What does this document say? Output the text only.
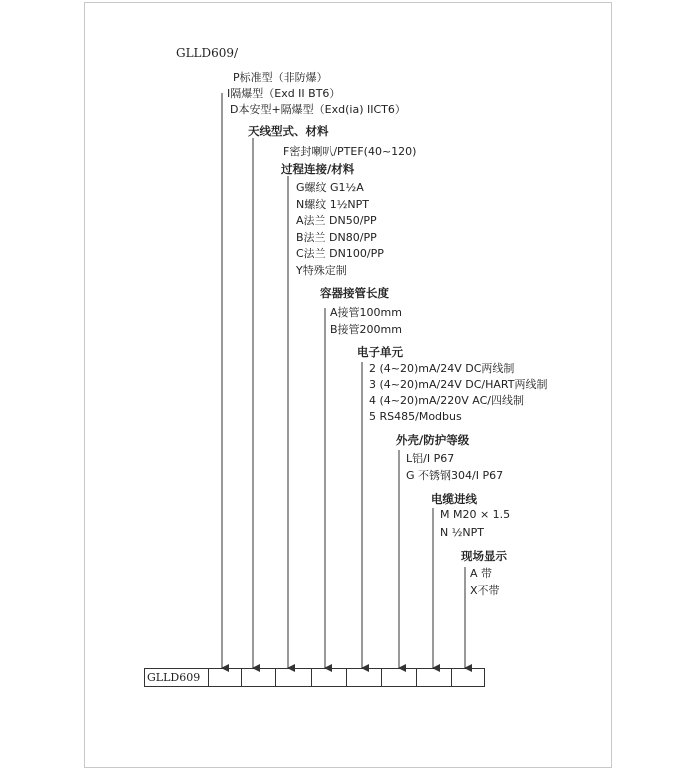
GLLD609/
P标准型（非防爆）
I隔爆型（Exd II BT6）
D本安型+隔爆型（Exd(ia) IICT6）
天线型式、材料
F密封喇叭/PTEF(40~120)
过程连接/材料
G螺纹 G1½A
N螺纹 1½NPT
A法兰 DN50/PP
B法兰 DN80/PP
C法兰 DN100/PP
Y特殊定制
容器接管长度
A接管100mm
B接管200mm
电子单元
2 (4~20)mA/24V DC两线制
3 (4~20)mA/24V DC/HART两线制
4 (4~20)mA/220V AC/四线制
5 RS485/Modbus
外壳/防护等级
L铝/I P67
G 不锈钢304/I P67
电缆进线
M M20 × 1.5
N ½NPT
现场显示
A 带
X不带
GLLD609
